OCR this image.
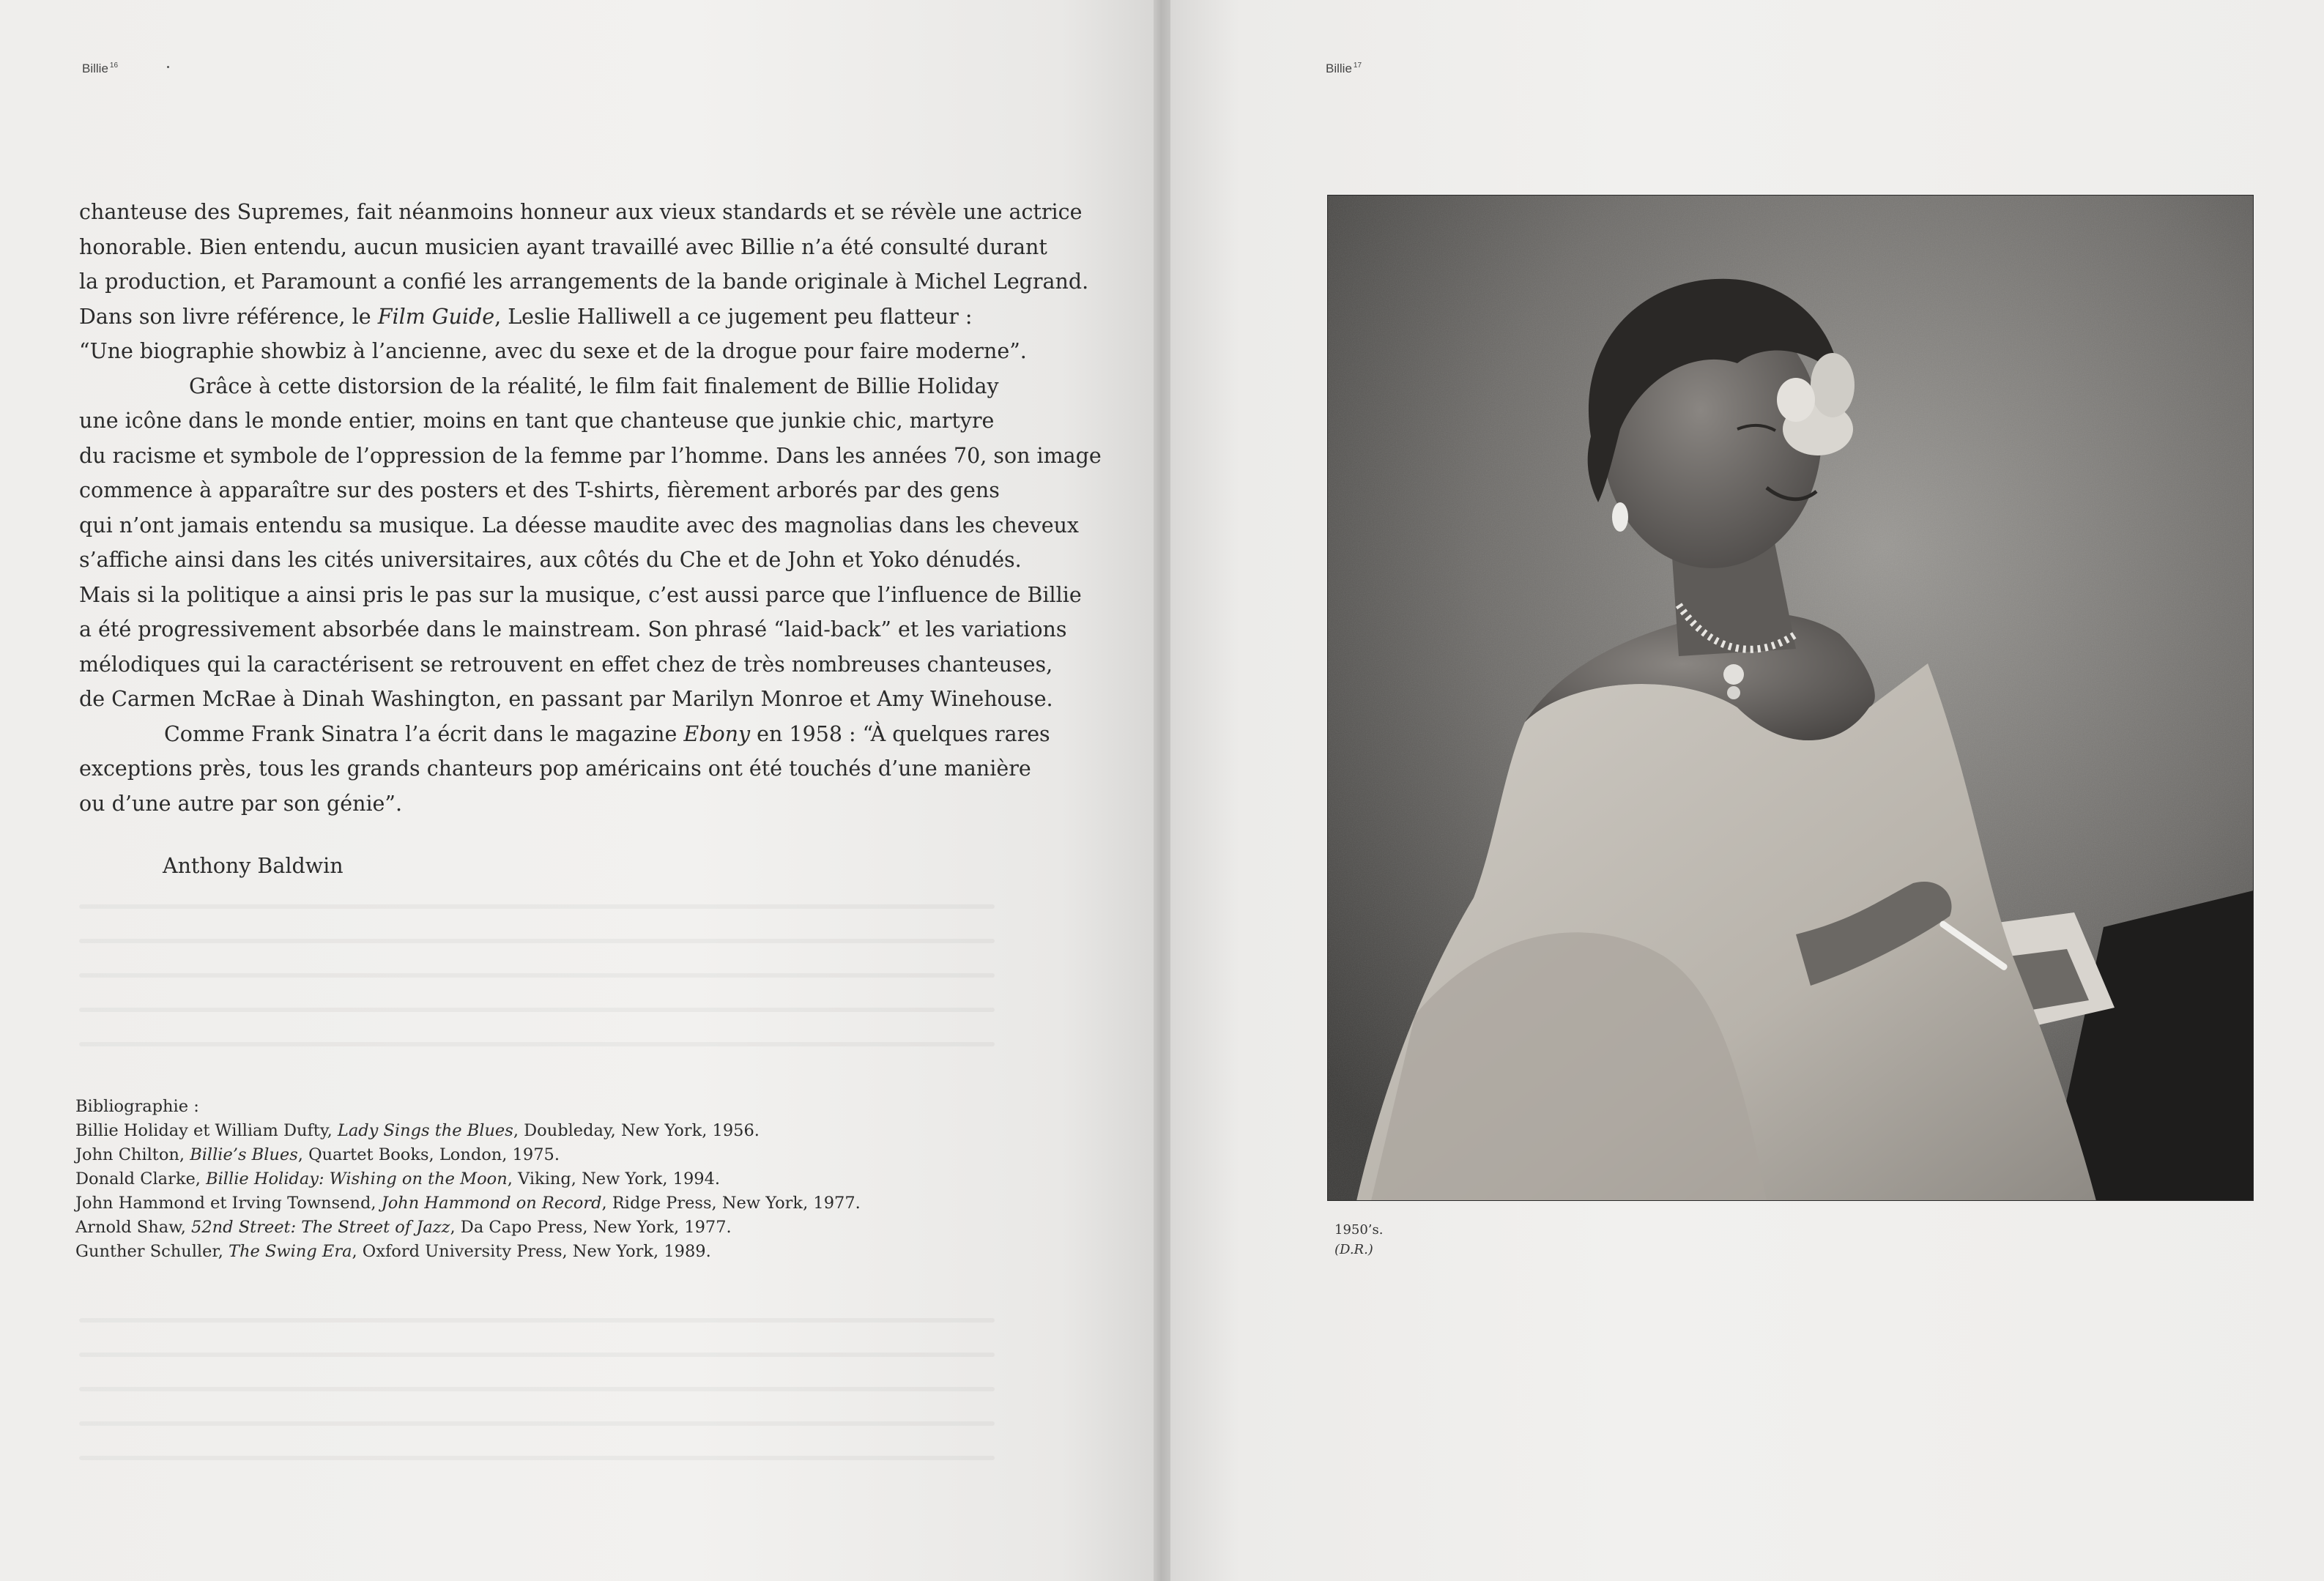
Billie $^{16}$
chanteuse des Supremes, fait néanmoins honneur aux vieux standards et se révèle une actrice
honorable. Bien entendu, aucun musicien ayant travaillé avec Billie n’a été consulté durant
la production, et Paramount a confié les arrangements de la bande originale à Michel Legrand.
Dans son livre référence, le Film Guide, Leslie Halliwell a ce jugement peu flatteur :
“Une biographie showbiz à l’ancienne, avec du sexe et de la drogue pour faire moderne”.
Grâce à cette distorsion de la réalité, le film fait finalement de Billie Holiday
une icône dans le monde entier, moins en tant que chanteuse que junkie chic, martyre
du racisme et symbole de l’oppression de la femme par l’homme. Dans les années 70, son image
commence à apparaître sur des posters et des T-shirts, fièrement arborés par des gens
qui n’ont jamais entendu sa musique. La déesse maudite avec des magnolias dans les cheveux
s’affiche ainsi dans les cités universitaires, aux côtés du Che et de John et Yoko dénudés.
Mais si la politique a ainsi pris le pas sur la musique, c’est aussi parce que l’influence de Billie
a été progressivement absorbée dans le mainstream. Son phrasé “laid-back” et les variations
mélodiques qui la caractérisent se retrouvent en effet chez de très nombreuses chanteuses,
de Carmen McRae à Dinah Washington, en passant par Marilyn Monroe et Amy Winehouse.
Comme Frank Sinatra l’a écrit dans le magazine Ebony en 1958 : “À quelques rares
exceptions près, tous les grands chanteurs pop américains ont été touchés d’une manière
ou d’une autre par son génie”.
Anthony Baldwin
Bibliographie :
Billie Holiday et William Dufty, Lady Sings the Blues, Doubleday, New York, 1956.
John Chilton, Billie’s Blues, Quartet Books, London, 1975.
Donald Clarke, Billie Holiday: Wishing on the Moon, Viking, New York, 1994.
John Hammond et Irving Townsend, John Hammond on Record, Ridge Press, New York, 1977.
Arnold Shaw, 52nd Street: The Street of Jazz, Da Capo Press, New York, 1977.
Gunther Schuller, The Swing Era, Oxford University Press, New York, 1989.
Billie $^{17}$
1950’s.
(D.R.)
